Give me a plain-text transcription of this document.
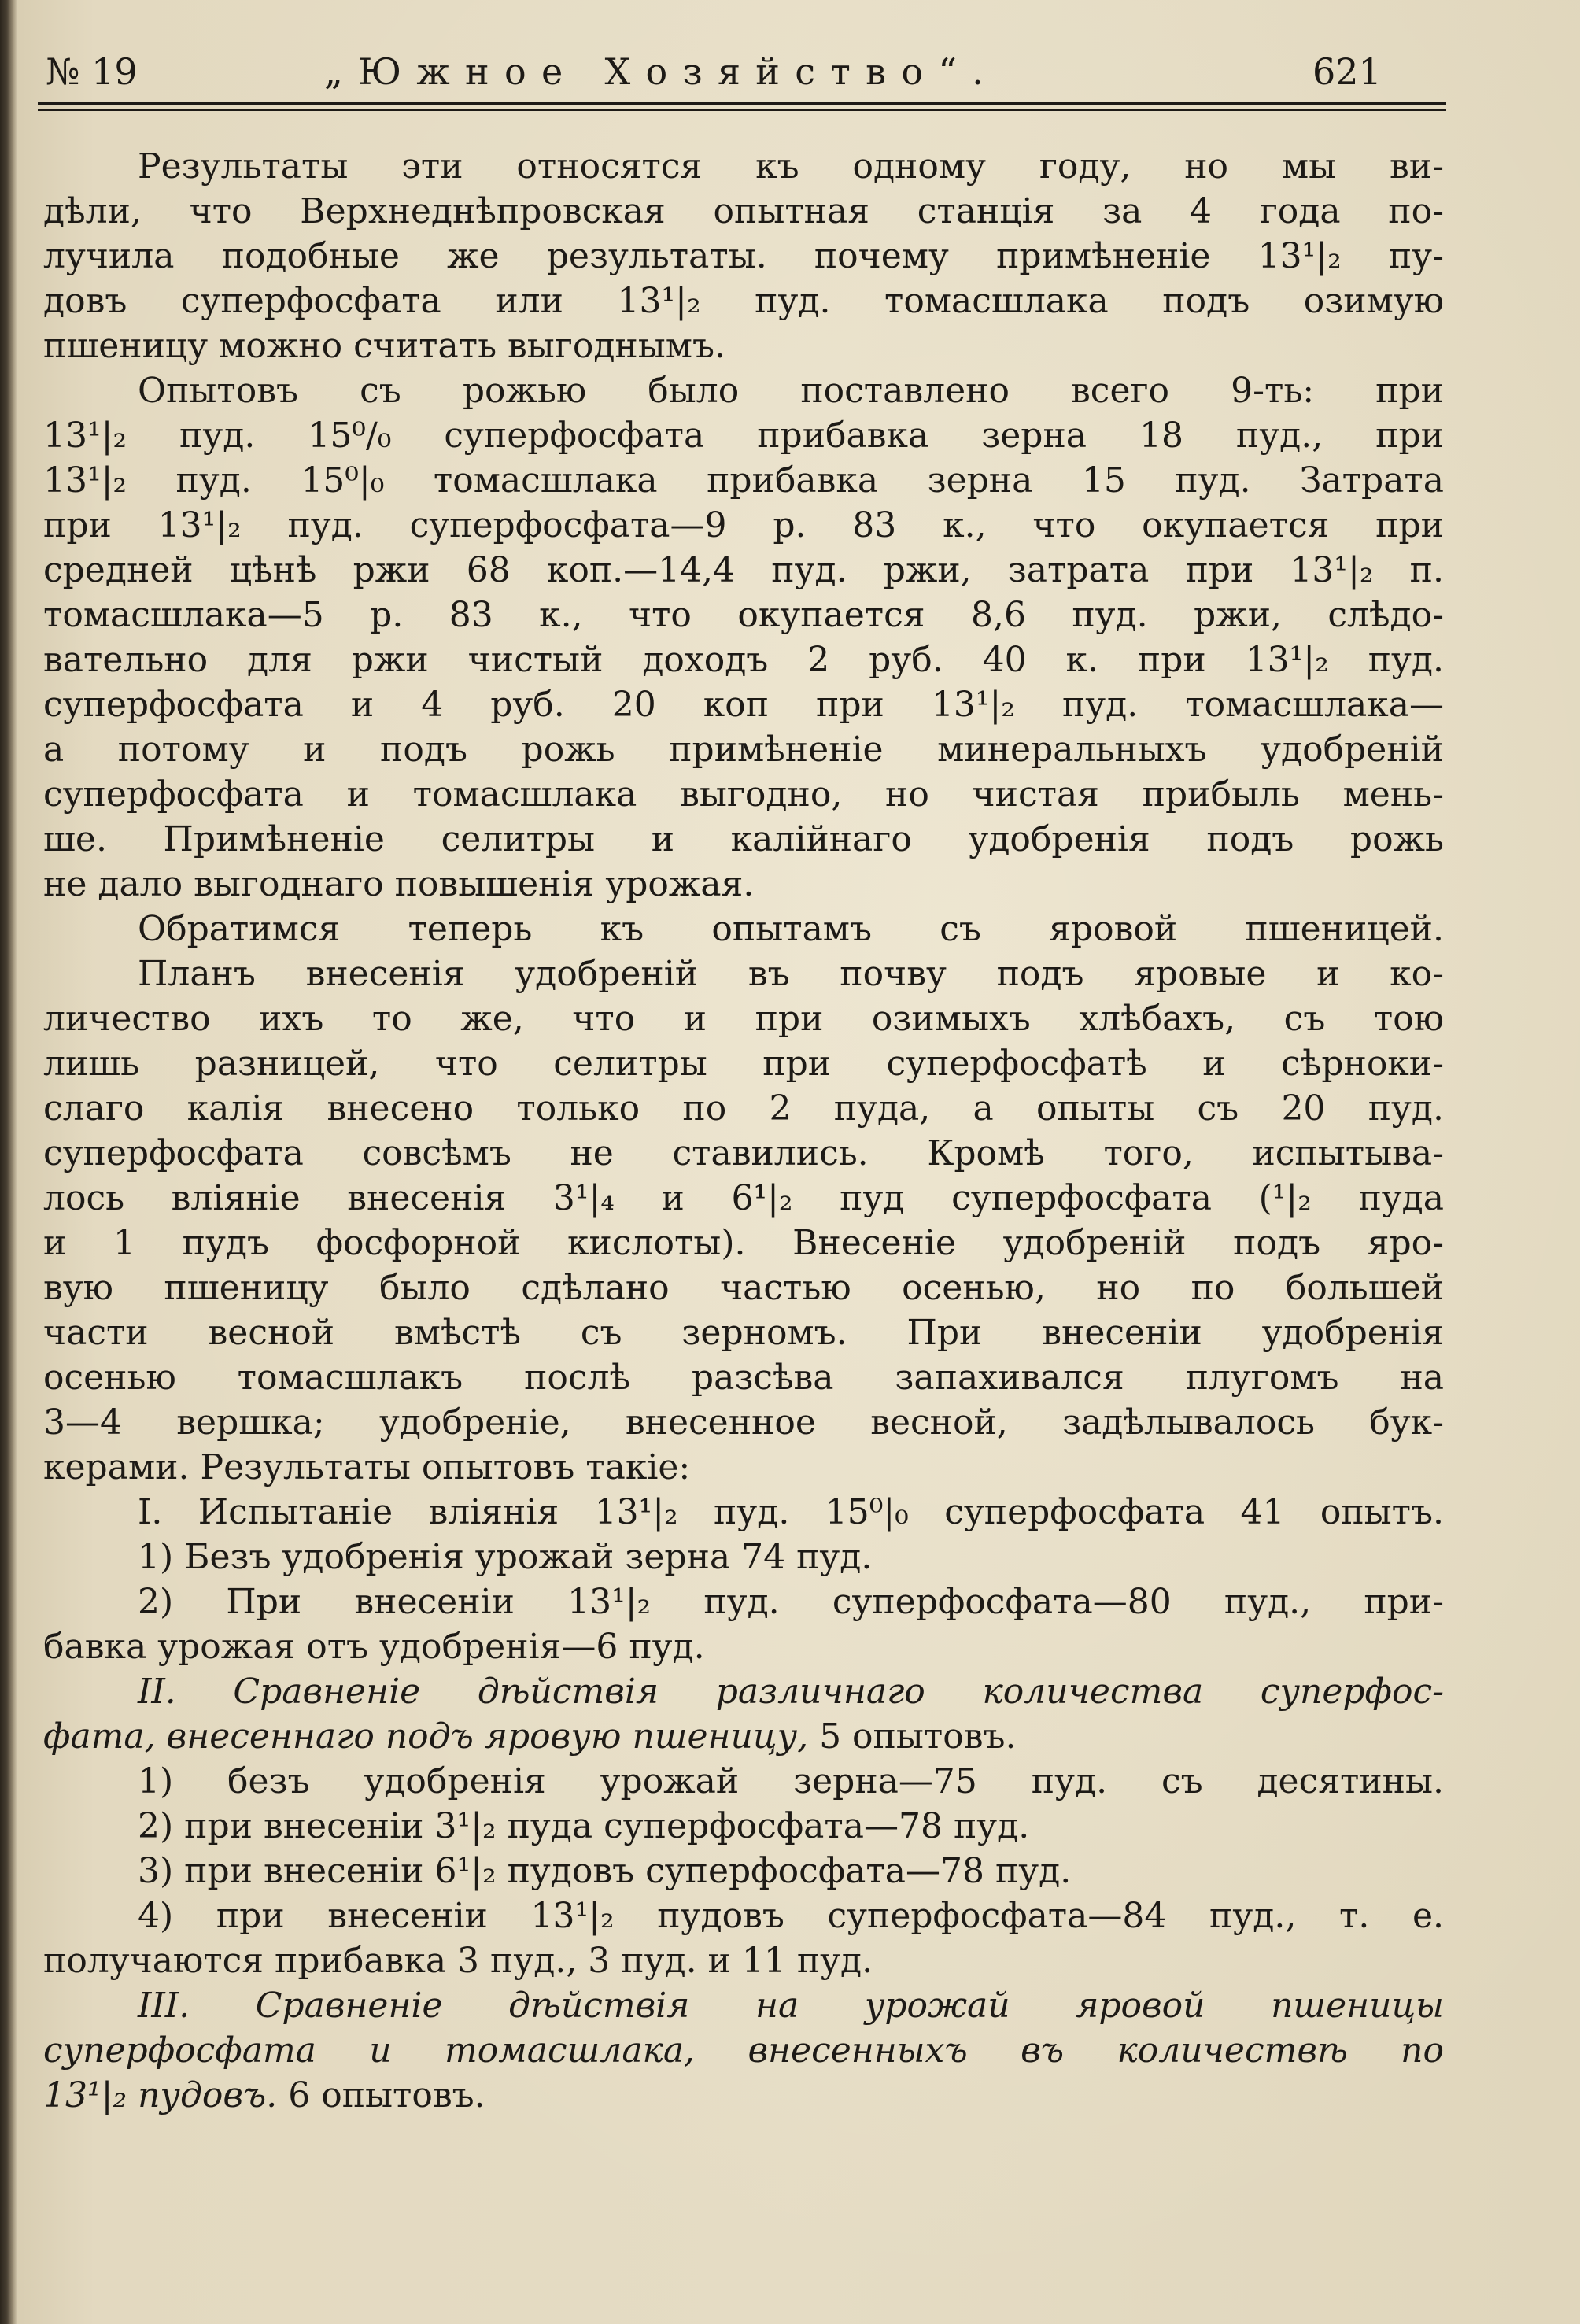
№ 19	„Южное Хозяйство“.	621
Результаты эти относятся къ одному году, но мы ви-
дѣли, что Верхнеднѣпровская опытная станція за 4 года по-
лучила подобные же результаты. почему примѣненіе 13¹|₂ пу-
довъ суперфосфата или 13¹|₂ пуд. томасшлака подъ озимую
пшеницу можно считать выгоднымъ.
Опытовъ съ рожью было поставлено всего 9-ть: при
13¹|₂ пуд. 15⁰/₀ суперфосфата прибавка зерна 18 пуд., при
13¹|₂ пуд. 15⁰|₀ томасшлака прибавка зерна 15 пуд. Затрата
при 13¹|₂ пуд. суперфосфата—9 р. 83 к., что окупается при
средней цѣнѣ ржи 68 коп.—14,4 пуд. ржи, затрата при 13¹|₂ п.
томасшлака—5 р. 83 к., что окупается 8,6 пуд. ржи, слѣдо-
вательно для ржи чистый доходъ 2 руб. 40 к. при 13¹|₂ пуд.
суперфосфата и 4 руб. 20 коп при 13¹|₂ пуд. томасшлака—
а потому и подъ рожь примѣненіе минеральныхъ удобреній
суперфосфата и томасшлака выгодно, но чистая прибыль мень-
ше. Примѣненіе селитры и калійнаго удобренія подъ рожь
не дало выгоднаго повышенія урожая.
Обратимся теперь къ опытамъ съ яровой пшеницей.
Планъ внесенія удобреній въ почву подъ яровые и ко-
личество ихъ то же, что и при озимыхъ хлѣбахъ, съ тою
лишь разницей, что селитры при суперфосфатѣ и сѣрноки-
слаго калія внесено только по 2 пуда, а опыты съ 20 пуд.
суперфосфата совсѣмъ не ставились. Кромѣ того, испытыва-
лось вліяніе внесенія 3¹|₄ и 6¹|₂ пуд суперфосфата (¹|₂ пуда
и 1 пудъ фосфорной кислоты). Внесеніе удобреній подъ яро-
вую пшеницу было сдѣлано частью осенью, но по большей
части весной вмѣстѣ съ зерномъ. При внесеніи удобренія
осенью томасшлакъ послѣ разсѣва запахивался плугомъ на
3—4 вершка; удобреніе, внесенное весной, задѣлывалось бук-
керами. Результаты опытовъ такіе:
I. Испытаніе вліянія 13¹|₂ пуд. 15⁰|₀ суперфосфата 41 опытъ.
1) Безъ удобренія урожай зерна 74 пуд.
2) При внесеніи 13¹|₂ пуд. суперфосфата—80 пуд., при-
бавка урожая отъ удобренія—6 пуд.
II. Сравненіе дѣйствія различнаго количества суперфос-
фата, внесеннаго подъ яровую пшеницу, 5 опытовъ.
1) безъ удобренія урожай зерна—75 пуд. съ десятины.
2) при внесеніи 3¹|₂ пуда суперфосфата—78 пуд.
3) при внесеніи 6¹|₂ пудовъ суперфосфата—78 пуд.
4) при внесеніи 13¹|₂ пудовъ суперфосфата—84 пуд., т. е.
получаются прибавка 3 пуд., 3 пуд. и 11 пуд.
III. Сравненіе дѣйствія на урожай яровой пшеницы
суперфосфата и томасшлака, внесенныхъ въ количествѣ по
13¹|₂ пудовъ. 6 опытовъ.
